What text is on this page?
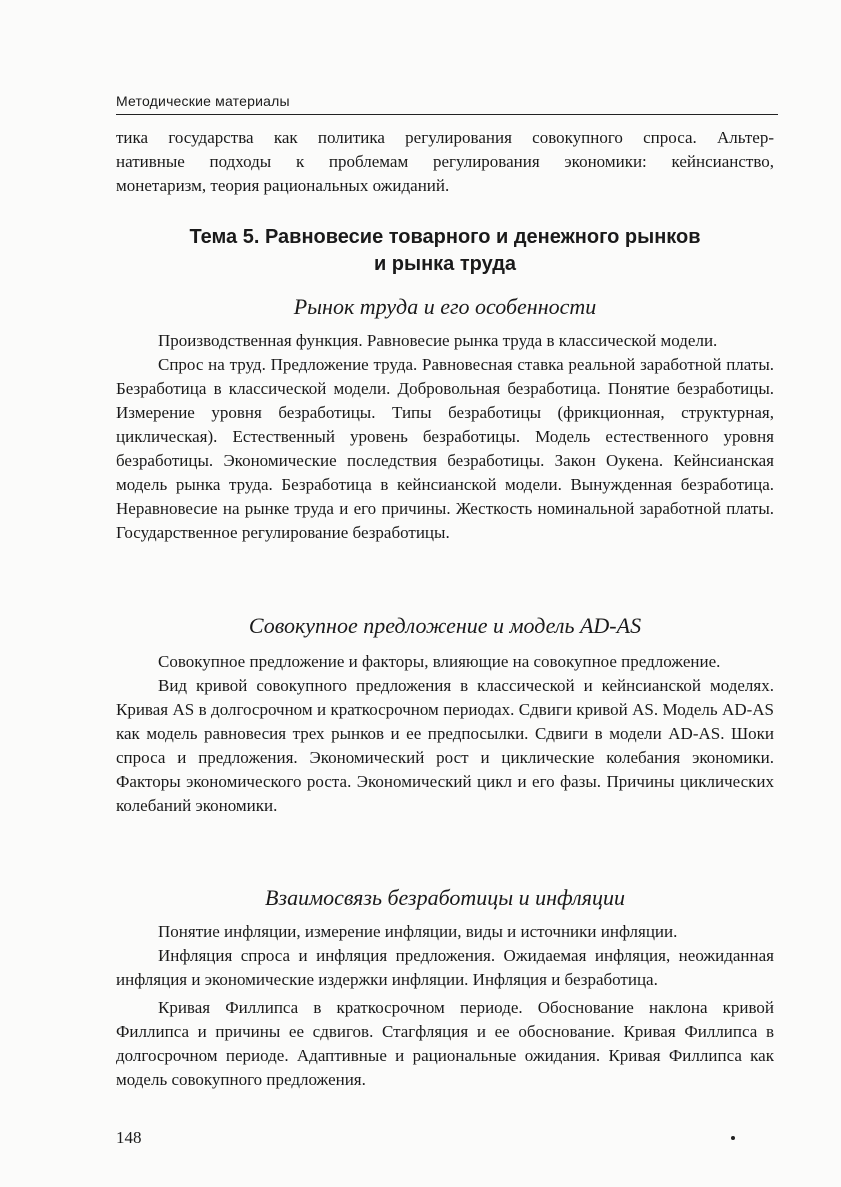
Методические материалы
тика государства как политика регулирования совокупного спроса. Альтер-
нативные подходы к проблемам регулирования экономики: кейнсианство,
монетаризм, теория рациональных ожиданий.
Тема 5. Равновесие товарного и денежного рынков
и рынка труда
Рынок труда и его особенности

Производственная функция. Равновесие рынка труда в классической модели.

Спрос на труд. Предложение труда. Равновесная ставка реальной заработной платы. Безработица в классической модели. Добровольная безработица. Понятие безработицы. Измерение уровня безработицы. Типы безработицы (фрикционная, структурная, циклическая). Естественный уровень безработицы. Модель естественного уровня безработицы. Экономические последствия безработицы. Закон Оукена. Кейнсианская модель рынка труда. Безработица в кейнсианской модели. Вынужденная безработица. Неравновесие на рынке труда и его причины. Жесткость номинальной заработной платы. Государственное регулирование безработицы.

Совокупное предложение и модель AD-AS

Совокупное предложение и факторы, влияющие на совокупное предложение.

Вид кривой совокупного предложения в классической и кейнсианской моделях. Кривая AS в долгосрочном и краткосрочном периодах. Сдвиги кривой AS. Модель AD-AS как модель равновесия трех рынков и ее предпосылки. Сдвиги в модели AD-AS. Шоки спроса и предложения. Экономический рост и циклические колебания экономики. Факторы экономического роста. Экономический цикл и его фазы. Причины циклических колебаний экономики.

Взаимосвязь безработицы и инфляции

Понятие инфляции, измерение инфляции, виды и источники инфляции.

Инфляция спроса и инфляция предложения. Ожидаемая инфляция, неожиданная инфляция и экономические издержки инфляции. Инфляция и безработица.

Кривая Филлипса в краткосрочном периоде. Обоснование наклона кривой Филлипса и причины ее сдвигов. Стагфляция и ее обоснование. Кривая Филлипса в долгосрочном периоде. Адаптивные и рациональные ожидания. Кривая Филлипса как модель совокупного предложения.

148
